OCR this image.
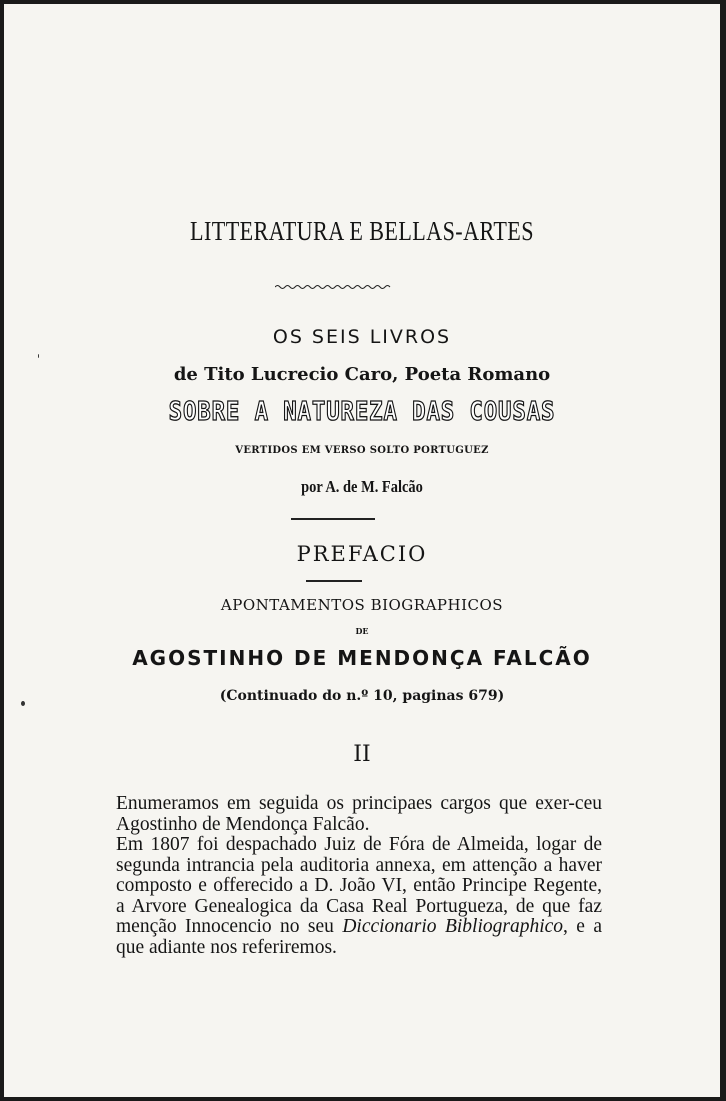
LITTERATURA E BELLAS-ARTES
OS SEIS LIVROS
de Tito Lucrecio Caro, Poeta Romano
SOBRE A NATUREZA DAS COUSAS
VERTIDOS EM VERSO SOLTO PORTUGUEZ
por A. de M. Falcão
PREFACIO
APONTAMENTOS BIOGRAPHICOS
DE
AGOSTINHO DE MENDONÇA FALCÃO
(Continuado do n.º 10, paginas 679)
II

Enumeramos em seguida os principaes cargos que exer-ceu Agostinho de Mendonça Falcão.

Em 1807 foi despachado Juiz de Fóra de Almeida, logar de segunda intrancia pela auditoria annexa, em attenção a haver composto e offerecido a D. João VI, então Principe Regente, a Arvore Genealogica da Casa Real Portugueza, de que faz menção Innocencio no seu Diccionario Bibliographico, e a que adiante nos referiremos.
